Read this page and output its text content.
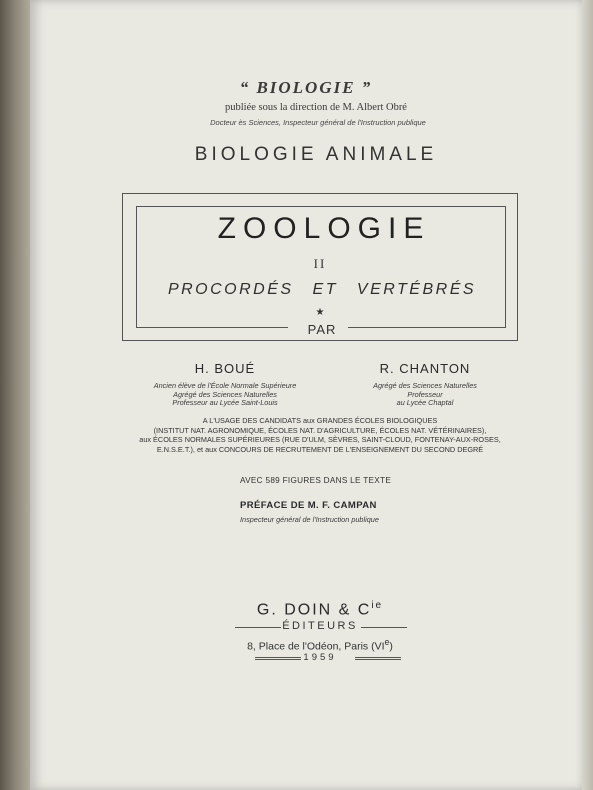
“ BIOLOGIE ”
publiée sous la direction de M. Albert Obré
Docteur ès Sciences, Inspecteur général de l'Instruction publique
BIOLOGIE ANIMALE
ZOOLOGIE
II
PROCORDÉS ET VERTÉBRÉS
★
PAR
H. BOUÉ
Ancien élève de l'École Normale Supérieure
Agrégé des Sciences Naturelles
Professeur au Lycée Saint-Louis
R. CHANTON
Agrégé des Sciences Naturelles
Professeur
au Lycée Chaptal
A L'USAGE DES CANDIDATS aux GRANDES ÉCOLES BIOLOGIQUES
(INSTITUT NAT. AGRONOMIQUE, ÉCOLES NAT. D'AGRICULTURE, ÉCOLES NAT. VÉTÉRINAIRES),
aux ÉCOLES NORMALES SUPÉRIEURES (RUE D'ULM, SÈVRES, SAINT-CLOUD, FONTENAY-AUX-ROSES,
E.N.S.E.T.), et aux CONCOURS DE RECRUTEMENT DE L'ENSEIGNEMENT DU SECOND DEGRÉ
AVEC 589 FIGURES DANS LE TEXTE
PRÉFACE DE M. F. CAMPAN
Inspecteur général de l'Instruction publique
G. DOIN & $C^{ie}$
ÉDITEURS
8, Place de l'Odéon, Paris (VIe)
1959
